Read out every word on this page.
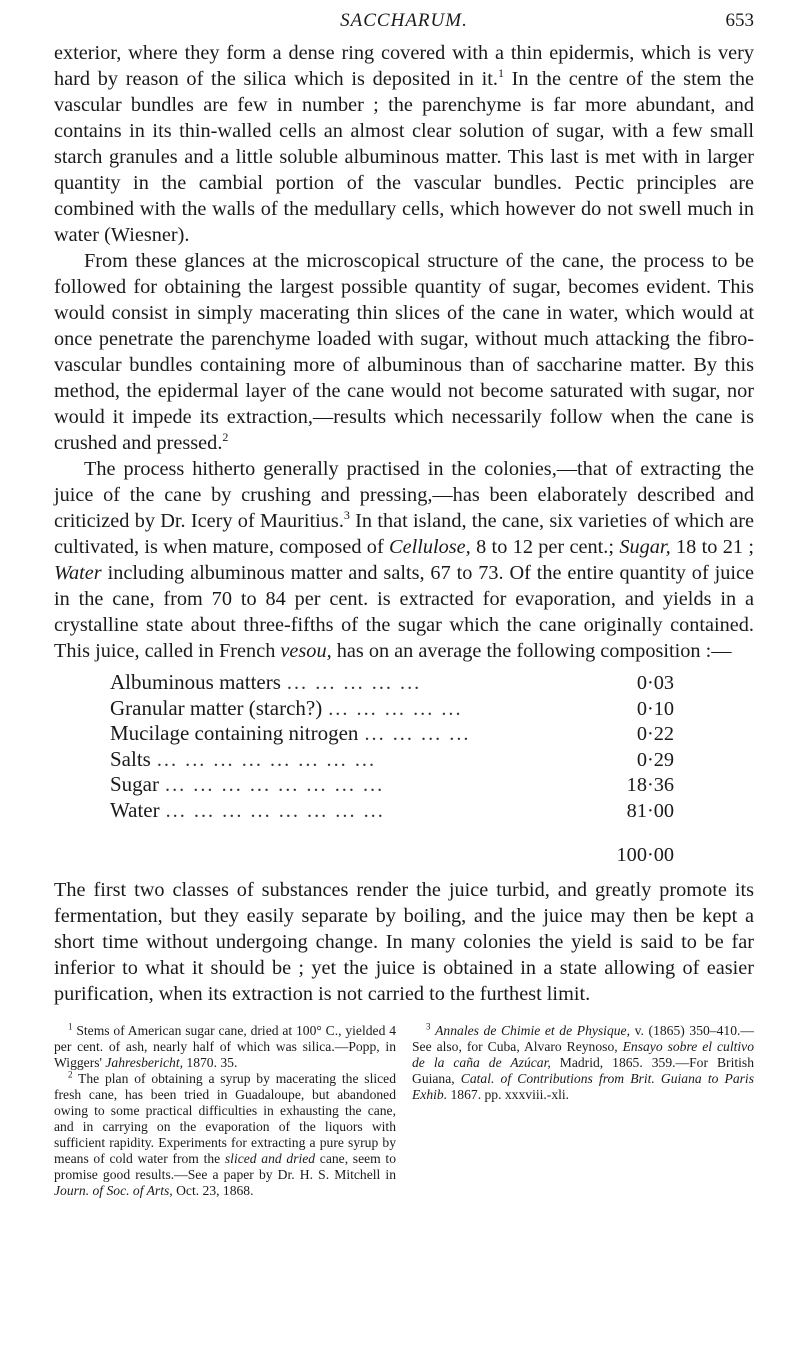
SACCHARUM.	653

exterior, where they form a dense ring covered with a thin epidermis, which is very hard by reason of the silica which is deposited in it.$^1$ In the centre of the stem the vascular bundles are few in number ; the parenchyme is far more abundant, and contains in its thin-walled cells an almost clear solution of sugar, with a few small starch granules and a little soluble albuminous matter. This last is met with in larger quantity in the cambial portion of the vascular bundles. Pectic principles are combined with the walls of the medullary cells, which however do not swell much in water (Wiesner).

From these glances at the microscopical structure of the cane, the process to be followed for obtaining the largest possible quantity of sugar, becomes evident. This would consist in simply macerating thin slices of the cane in water, which would at once penetrate the parenchyme loaded with sugar, without much attacking the fibro-vascular bundles containing more of albuminous than of saccharine matter. By this method, the epidermal layer of the cane would not become saturated with sugar, nor would it impede its extraction,—results which necessarily follow when the cane is crushed and pressed.$^2$

The process hitherto generally practised in the colonies,—that of extracting the juice of the cane by crushing and pressing,—has been elaborately described and criticized by Dr. Icery of Mauritius.$^3$ In that island, the cane, six varieties of which are cultivated, is when mature, composed of Cellulose, 8 to 12 per cent.; Sugar, 18 to 21 ; Water including albuminous matter and salts, 67 to 73. Of the entire quantity of juice in the cane, from 70 to 84 per cent. is extracted for evaporation, and yields in a crystalline state about three-fifths of the sugar which the cane originally contained. This juice, called in French vesou, has on an average the following composition :—

Albuminous matters ... ... ... ... ...	0·03
Granular matter (starch?) ... ... ... ... ...	0·10
Mucilage containing nitrogen ... ... ... ...	0·22
Salts ... ... ... ... ... ... ... ...	0·29
Sugar ... ... ... ... ... ... ... ...	18·36
Water ... ... ... ... ... ... ... ...	81·00
100·00

The first two classes of substances render the juice turbid, and greatly promote its fermentation, but they easily separate by boiling, and the juice may then be kept a short time without undergoing change. In many colonies the yield is said to be far inferior to what it should be ; yet the juice is obtained in a state allowing of easier purification, when its extraction is not carried to the furthest limit.

$^1$ Stems of American sugar cane, dried at 100° C., yielded 4 per cent. of ash, nearly half of which was silica.—Popp, in Wiggers' Jahresbericht, 1870. 35.

$^2$ The plan of obtaining a syrup by macerating the sliced fresh cane, has been tried in Guadaloupe, but abandoned owing to some practical difficulties in exhausting the cane, and in carrying on the evaporation of the liquors with sufficient rapidity. Experiments for extracting a pure syrup by means of cold water from the sliced and dried cane, seem to promise good results.—See a paper by Dr. H. S. Mitchell in Journ. of Soc. of Arts, Oct. 23, 1868.

$^3$ Annales de Chimie et de Physique, v. (1865) 350–410.—See also, for Cuba, Alvaro Reynoso, Ensayo sobre el cultivo de la caña de Azúcar, Madrid, 1865. 359.—For British Guiana, Catal. of Contributions from Brit. Guiana to Paris Exhib. 1867. pp. xxxviii.-xli.
